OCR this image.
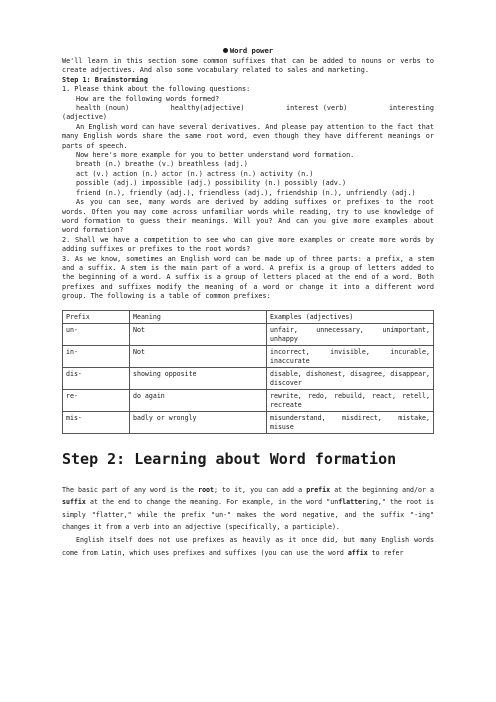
Word power

We'll learn in this section some common suffixes that can be added to nouns or verbs to create adjectives. And also some vocabulary related to sales and marketing.

Step 1: Brainstorming

1. Please think about the following questions:

How are the following words formed?

health (noun)	healthy(adjective)	interest (verb)	interesting

(adjective)

An English word can have several derivatives. And please pay attention to the fact that many English words share the same root word, even though they have different meanings or parts of speech.

Now here's more example for you to better understand word formation.

breath (n.) breathe (v.) breathless (adj.)

act (v.) action (n.) actor (n.) actress (n.) activity (n.)

possible (adj.) impossible (adj.) possibility (n.) possibly (adv.)

friend (n.), friendly (adj.), friendless (adj.), friendship (n.), unfriendly (adj.)

As you can see, many words are derived by adding suffixes or prefixes to the root words. Often you may come across unfamiliar words while reading, try to use knowledge of word formation to guess their meanings. Will you? And can you give more examples about word formation?

2. Shall we have a competition to see who can give more examples or create more words by adding suffixes or prefixes to the root words?

3. As we know, sometimes an English word can be made up of three parts: a prefix, a stem and a suffix. A stem is the main part of a word. A prefix is a group of letters added to the beginning of a word. A suffix is a group of letters placed at the end of a word. Both prefixes and suffixes modify the meaning of a word or change it into a different word group. The following is a table of common prefixes:

Prefix	Meaning	Examples (adjectives)
un-	Not	unfair, unnecessary, unimportant, unhappy
in-	Not	incorrect, invisible, incurable, inaccurate
dis-	showing opposite	disable, dishonest, disagree, disappear, discover
re-	do again	rewrite, redo, rebuild, react, retell, recreate
mis-	badly or wrongly	misunderstand, misdirect, mistake, misuse
Step 2: Learning about Word formation

The basic part of any word is the root; to it, you can add a prefix at the beginning and/or a suffix at the end to change the meaning. For example, in the word "unflattering," the root is simply "flatter," while the prefix "un-" makes the word negative, and the suffix "-ing" changes it from a verb into an adjective (specifically, a participle).

English itself does not use prefixes as heavily as it once did, but many English words come from Latin, which uses prefixes and suffixes (you can use the word affix to refer
